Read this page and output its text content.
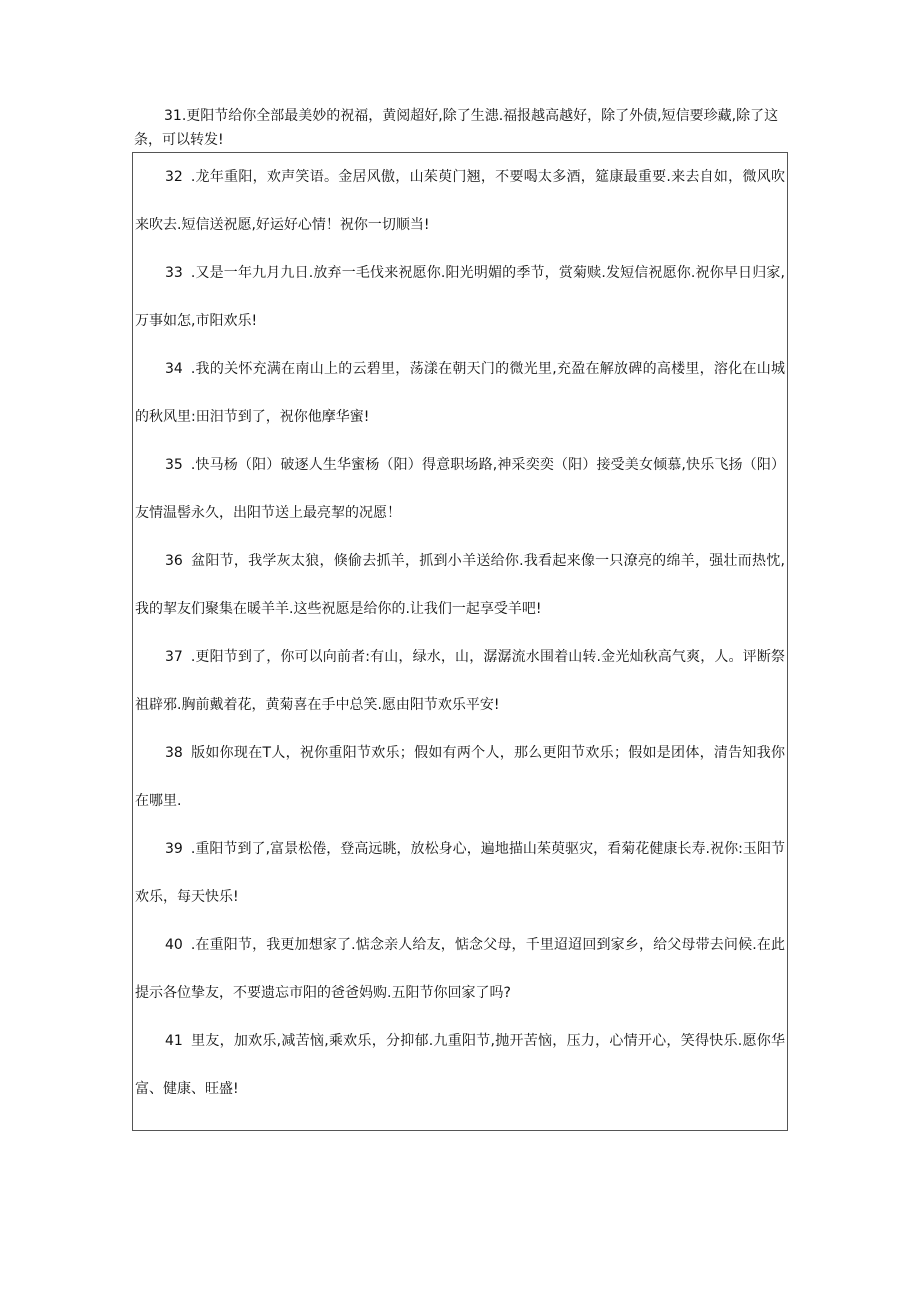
31.更阳节给你全部最美妙的祝福，黄阅超好,除了生漶.福报越高越好，除了外债,短信要珍藏,除了这条，可以转发!

32 .龙年重阳，欢声笑语。金居风傲，山茱萸门翘，不要喝太多酒，筵康最重要.来去自如，微风吹来吹去.短信送祝愿,好运好心情！祝你一切顺当!

33 .又是一年九月九日.放弃一毛伐来祝愿你.阳光明媚的季节，赏菊赎.发短信祝愿你.祝你早日归家,万事如怎,市阳欢乐!

34 .我的关怀充满在南山上的云碧里，荡漾在朝天门的微光里,充盈在解放碑的高楼里，溶化在山城的秋风里:田汨节到了，祝你他摩华蜜!

35 .快马杨（阳）破逐人生华蜜杨（阳）得意职场路,神采奕奕（阳）接受美女倾慕,快乐飞扬（阳）友情温髻永久，出阳节送上最亮挈的况愿！

36 盆阳节，我学灰太狼，倏偷去抓羊，抓到小羊送给你.我看起来像一只潦亮的绵羊，强壮而热忱,我的挈友们聚集在暖羊羊.这些祝愿是给你的.让我们一起享受羊吧!

37 .更阳节到了，你可以向前者:有山，绿水，山，潺潺流水围着山转.金光灿秋高气爽，人。评断祭祖辟邪.胸前戴着花，黄菊喜在手中总笑.愿由阳节欢乐平安!

38 版如你现在T人，祝你重阳节欢乐；假如有两个人，那么更阳节欢乐；假如是团体，清告知我你在哪里.

39 .重阳节到了,富景松倦，登高远眺，放松身心，遍地描山茱萸驱灾，看菊花健康长寿.祝你:玉阳节欢乐，每天快乐!

40 .在重阳节，我更加想家了.惦念亲人给友，惦念父母，千里迢迢回到家乡，给父母带去问候.在此提示各位挚友，不要遗忘市阳的爸爸妈购.五阳节你回家了吗?

41 里友，加欢乐,减苦恼,乘欢乐，分抑郁.九重阳节,抛开苦恼，压力，心情开心，笑得快乐.愿你华富、健康、旺盛!
